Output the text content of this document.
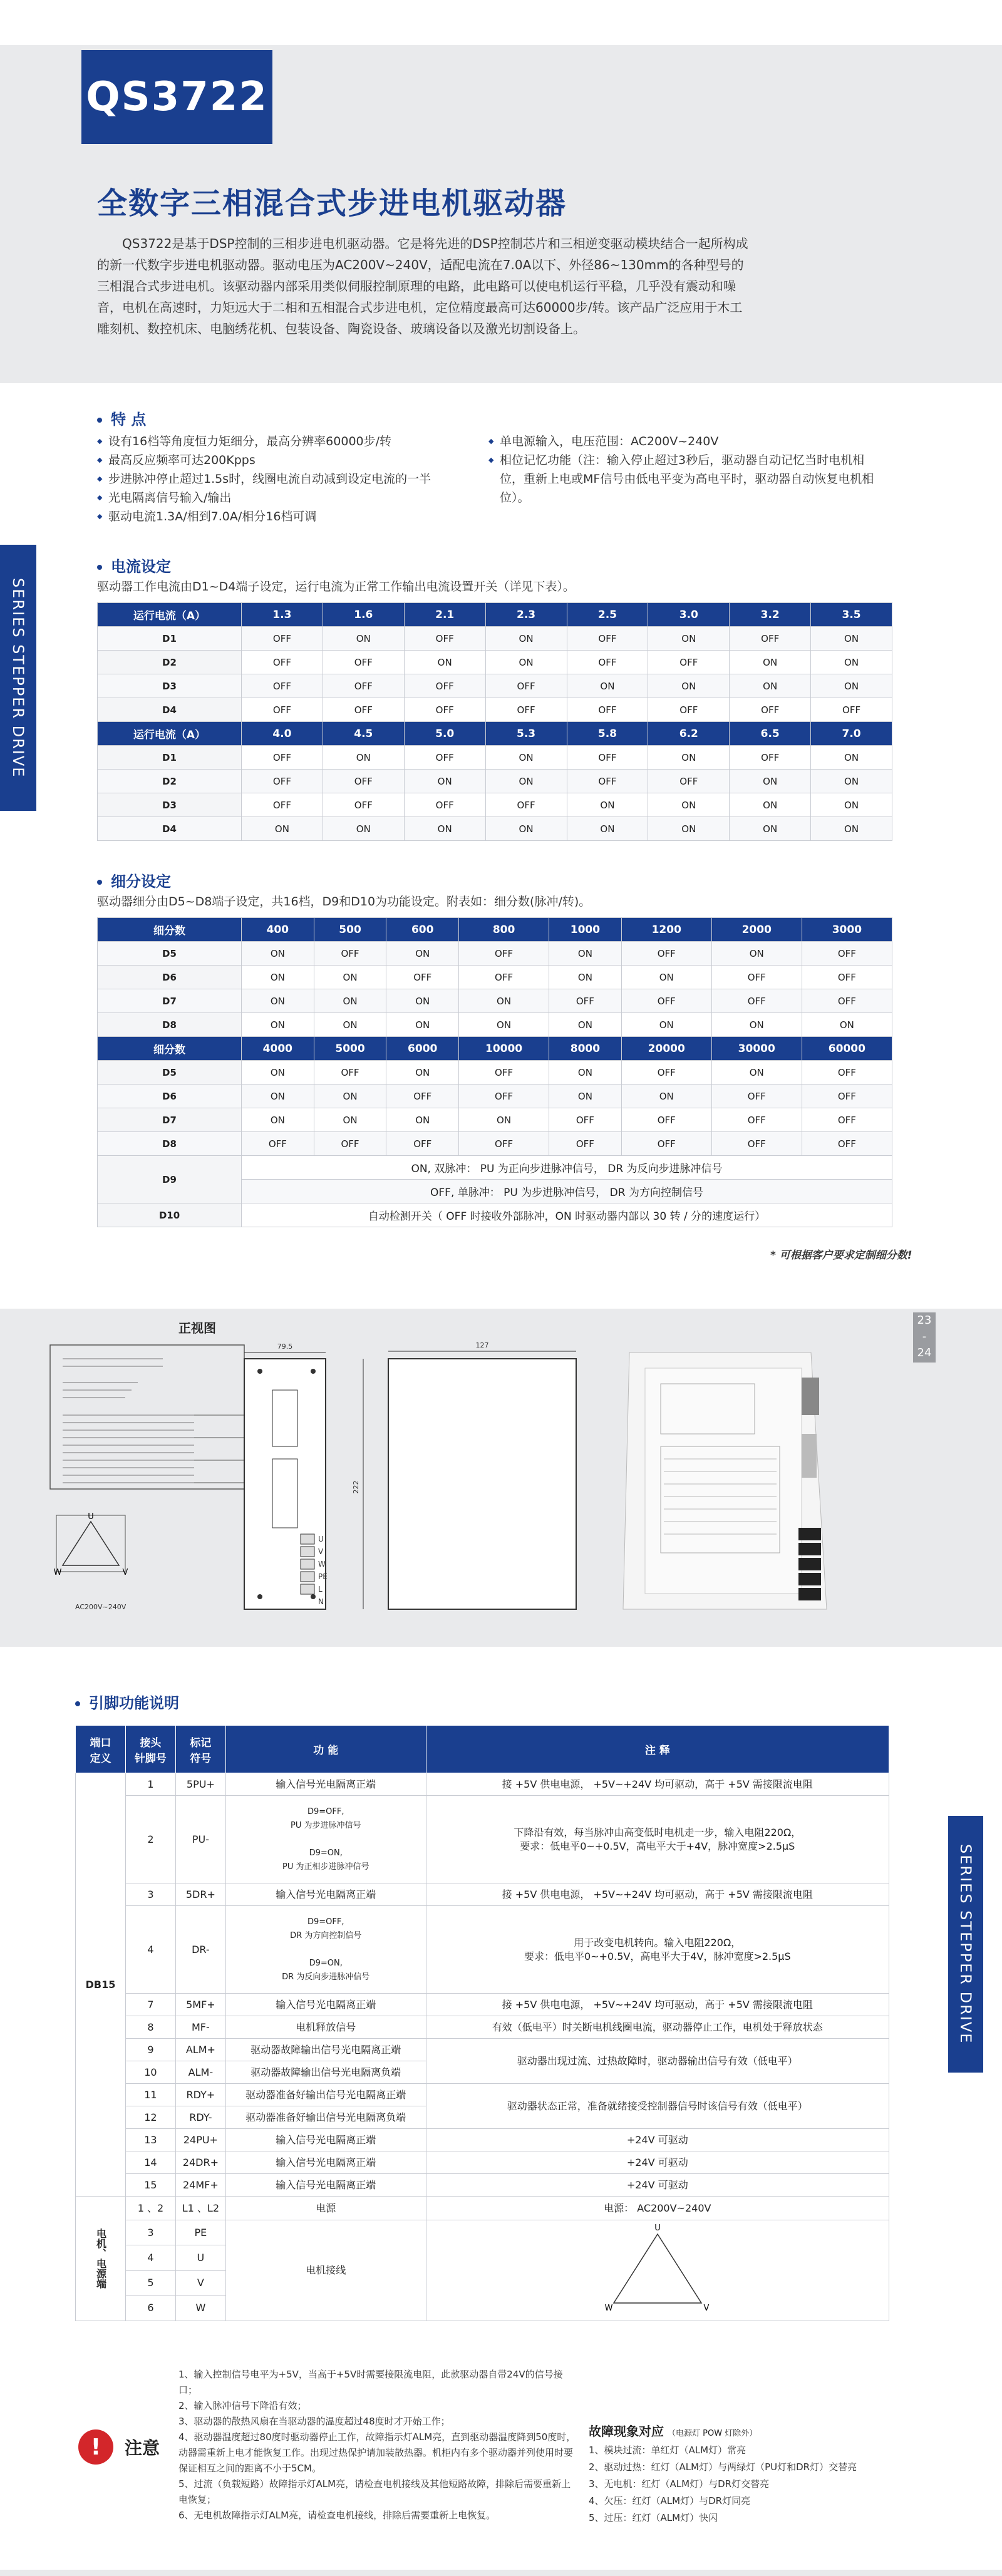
QS3722
全数字三相混合式步进电机驱动器
QS3722是基于DSP控制的三相步进电机驱动器。它是将先进的DSP控制芯片和三相逆变驱动模块结合一起所构成的新一代数字步进电机驱动器。驱动电压为AC200V~240V，适配电流在7.0A以下、外径86~130mm的各种型号的三相混合式步进电机。该驱动器内部采用类似伺服控制原理的电路，此电路可以使电机运行平稳，几乎没有震动和噪音，电机在高速时，力矩远大于二相和五相混合式步进电机，定位精度最高可达60000步/转。该产品广泛应用于木工雕刻机、数控机床、电脑绣花机、包装设备、陶瓷设备、玻璃设备以及激光切割设备上。
SERIES STEPPER DRIVE
SERIES STEPPER DRIVE
特 点
◆ 设有16档等角度恒力矩细分，最高分辨率60000步/转
◆ 最高反应频率可达200Kpps
◆ 步进脉冲停止超过1.5s时，线圈电流自动减到设定电流的一半
◆ 光电隔离信号输入/输出
◆ 驱动电流1.3A/相到7.0A/相分16档可调
◆ 单电源输入，电压范围：AC200V~240V
◆ 相位记忆功能（注：输入停止超过3秒后，驱动器自动记忆当时电机相位，重新上电或MF信号由低电平变为高电平时，驱动器自动恢复电机相位）。
电流设定
驱动器工作电流由D1~D4端子设定，运行电流为正常工作输出电流设置开关（详见下表）。
运行电流（A）	1.3	1.6	2.1	2.3	2.5	3.0	3.2	3.5
D1	OFF	ON	OFF	ON	OFF	ON	OFF	ON
D2	OFF	OFF	ON	ON	OFF	OFF	ON	ON
D3	OFF	OFF	OFF	OFF	ON	ON	ON	ON
D4	OFF	OFF	OFF	OFF	OFF	OFF	OFF	OFF
运行电流（A）	4.0	4.5	5.0	5.3	5.8	6.2	6.5	7.0
D1	OFF	ON	OFF	ON	OFF	ON	OFF	ON
D2	OFF	OFF	ON	ON	OFF	OFF	ON	ON
D3	OFF	OFF	OFF	OFF	ON	ON	ON	ON
D4	ON	ON	ON	ON	ON	ON	ON	ON
细分设定
驱动器细分由D5~D8端子设定，共16档，D9和D10为功能设定。附表如：细分数(脉冲/转)。
细分数	400	500	600	800	1000	1200	2000	3000
D5	ON	OFF	ON	OFF	ON	OFF	ON	OFF
D6	ON	ON	OFF	OFF	ON	ON	OFF	OFF
D7	ON	ON	ON	ON	OFF	OFF	OFF	OFF
D8	ON	ON	ON	ON	ON	ON	ON	ON
细分数	4000	5000	6000	10000	8000	20000	30000	60000
D5	ON	OFF	ON	OFF	ON	OFF	ON	OFF
D6	ON	ON	OFF	OFF	ON	ON	OFF	OFF
D7	ON	ON	ON	ON	OFF	OFF	OFF	OFF
D8	OFF	OFF	OFF	OFF	OFF	OFF	OFF	OFF
D9	ON, 双脉冲： PU 为正向步进脉冲信号， DR 为反向步进脉冲信号							
	OFF, 单脉冲： PU 为步进脉冲信号， DR 为方向控制信号							
D10	自动检测开关（ OFF 时接收外部脉冲，ON 时驱动器内部以 30 转 / 分的速度运行）							
* 可根据客户要求定制细分数!
23
-
24
正视图
79.5
U
V
W
PE
L
N
U
W	V
AC200V~240V
127
222
引脚功能说明
端口
定义	接头
针脚号	标记
符号	功 能	注 释
DB15	1	5PU+	输入信号光电隔离正端	接 +5V 供电电源， +5V~+24V 均可驱动，高于 +5V 需接限流电阻
	2	PU-	D9=OFF,
PU 为步进脉冲信号

D9=ON,
PU 为正相步进脉冲信号	下降沿有效，每当脉冲由高变低时电机走一步，输入电阻220Ω，
要求：低电平0~+0.5V，高电平大于+4V，脉冲宽度>2.5μS
	3	5DR+	输入信号光电隔离正端	接 +5V 供电电源， +5V~+24V 均可驱动，高于 +5V 需接限流电阻
	4	DR-	D9=OFF,
DR 为方向控制信号

D9=ON,
DR 为反向步进脉冲信号	用于改变电机转向。输入电阻220Ω，
要求：低电平0~+0.5V，高电平大于4V，脉冲宽度>2.5μS
	7	5MF+	输入信号光电隔离正端	接 +5V 供电电源， +5V~+24V 均可驱动，高于 +5V 需接限流电阻
	8	MF-	电机释放信号	有效（低电平）时关断电机线圈电流，驱动器停止工作，电机处于释放状态
	9	ALM+	驱动器故障输出信号光电隔离正端	驱动器出现过流、过热故障时，驱动器输出信号有效（低电平）
	10	ALM-	驱动器故障输出信号光电隔离负端	
	11	RDY+	驱动器准备好输出信号光电隔离正端	驱动器状态正常，准备就绪接受控制器信号时该信号有效（低电平）
	12	RDY-	驱动器准备好输出信号光电隔离负端	
	13	24PU+	输入信号光电隔离正端	+24V 可驱动
	14	24DR+	输入信号光电隔离正端	+24V 可驱动
	15	24MF+	输入信号光电隔离正端	+24V 可驱动
电机、电源端	1 、2	L1 、L2	电源	电源： AC200V~240V
	3	PE	电机接线	U
W V

	4	U		
	5	V		
	6	W		
1、输入控制信号电平为+5V，当高于+5V时需要接限流电阻，此款驱动器自带24V的信号接口；
2、输入脉冲信号下降沿有效；
3、驱动器的散热风扇在当驱动器的温度超过48度时才开始工作；
4、驱动器温度超过80度时驱动器停止工作，故障指示灯ALM亮，直到驱动器温度降到50度时，动器需重新上电才能恢复工作。出现过热保护请加装散热器。机柜内有多个驱动器并列使用时要保证相互之间的距离不小于5CM。
5、过流（负载短路）故障指示灯ALM亮，请检查电机接线及其他短路故障，排除后需要重新上电恢复；
6、无电机故障指示灯ALM亮，请检查电机接线，排除后需要重新上电恢复。
!	注意
故障现象对应 （电源灯 POW 灯除外）
1、模块过流：单红灯（ALM灯）常亮
2、驱动过热：红灯（ALM灯）与两绿灯（PU灯和DR灯）交替亮
3、无电机：红灯（ALM灯）与DR灯交替亮
4、欠压：红灯（ALM灯）与DR灯同亮
5、过压：红灯（ALM灯）快闪
